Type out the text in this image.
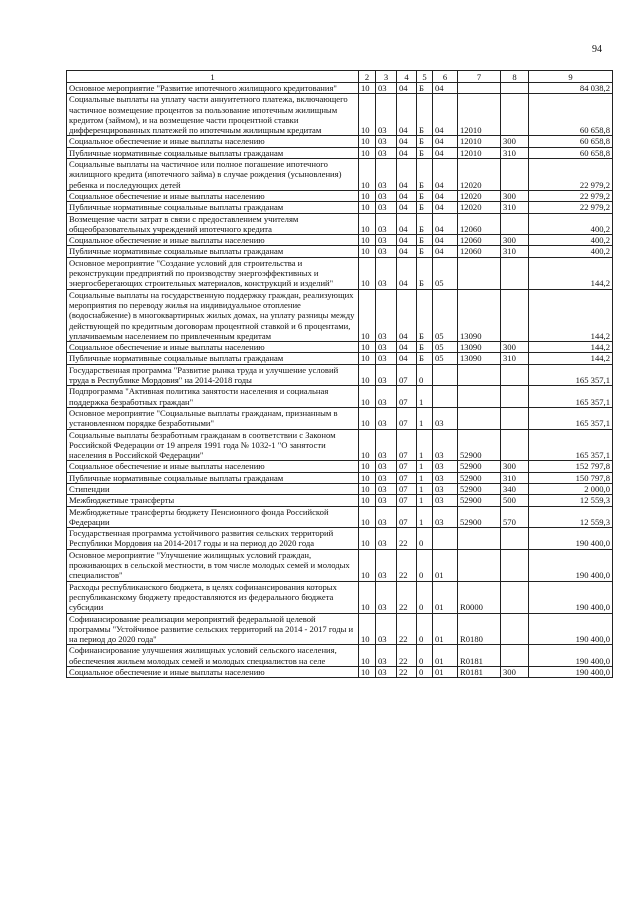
94
1	2	3	4	5	6	7	8	9
Основное мероприятие "Развитие ипотечного жилищного кредитования"	10	03	04	Б	04			84 038,2
Социальные выплаты на уплату части аннуитетного платежа, включающего частичное возмещение процентов за пользование ипотечным жилищным кредитом (займом), и на возмещение части процентной ставки дифференцированных платежей по ипотечным жилищным кредитам	10	03	04	Б	04	12010		60 658,8
Социальное обеспечение и иные выплаты населению	10	03	04	Б	04	12010	300	60 658,8
Публичные нормативные социальные выплаты гражданам	10	03	04	Б	04	12010	310	60 658,8
Социальные выплаты на частичное или полное погашение ипотечного жилищного кредита (ипотечного займа) в случае рождения (усыновления) ребенка и последующих детей	10	03	04	Б	04	12020		22 979,2
Социальное обеспечение и иные выплаты населению	10	03	04	Б	04	12020	300	22 979,2
Публичные нормативные социальные выплаты гражданам	10	03	04	Б	04	12020	310	22 979,2
Возмещение части затрат в связи с предоставлением учителям общеобразовательных учреждений ипотечного кредита	10	03	04	Б	04	12060		400,2
Социальное обеспечение и иные выплаты населению	10	03	04	Б	04	12060	300	400,2
Публичные нормативные социальные выплаты гражданам	10	03	04	Б	04	12060	310	400,2
Основное мероприятие "Создание условий для строительства и реконструкции предприятий по производству энергоэффективных и энергосберегающих строительных материалов, конструкций и изделий"	10	03	04	Б	05			144,2
Социальные выплаты на государственную поддержку граждан, реализующих мероприятия по переводу жилья на индивидуальное отопление (водоснабжение) в многоквартирных жилых домах, на уплату разницы между действующей по кредитным договорам процентной ставкой и 6 процентами, уплачиваемым населением по привлеченным кредитам	10	03	04	Б	05	13090		144,2
Социальное обеспечение и иные выплаты населению	10	03	04	Б	05	13090	300	144,2
Публичные нормативные социальные выплаты гражданам	10	03	04	Б	05	13090	310	144,2
Государственная программа "Развитие рынка труда и улучшение условий труда в Республике Мордовия" на 2014-2018 годы	10	03	07	0				165 357,1
Подпрограмма "Активная политика занятости населения и социальная поддержка безработных граждан"	10	03	07	1				165 357,1
Основное мероприятие "Социальные выплаты гражданам, признанным в установленном порядке безработными"	10	03	07	1	03			165 357,1
Социальные выплаты безработным гражданам в соответствии с Законом Российской Федерации от 19 апреля 1991 года № 1032-1 "О занятости населения в Российской Федерации"	10	03	07	1	03	52900		165 357,1
Социальное обеспечение и иные выплаты населению	10	03	07	1	03	52900	300	152 797,8
Публичные нормативные социальные выплаты гражданам	10	03	07	1	03	52900	310	150 797,8
Стипендии	10	03	07	1	03	52900	340	2 000,0
Межбюджетные трансферты	10	03	07	1	03	52900	500	12 559,3
Межбюджетные трансферты бюджету Пенсионного фонда Российской Федерации	10	03	07	1	03	52900	570	12 559,3
Государственная программа устойчивого развития сельских территорий Республики Мордовия на 2014-2017 годы и на период до 2020 года	10	03	22	0				190 400,0
Основное мероприятие "Улучшение жилищных условий граждан, проживающих в сельской местности, в том числе молодых семей и молодых специалистов"	10	03	22	0	01			190 400,0
Расходы республиканского бюджета, в целях софинансирования которых республиканскому бюджету предоставляются из федерального бюджета субсидии	10	03	22	0	01	R0000		190 400,0
Софинансирование реализации мероприятий федеральной целевой программы "Устойчивое развитие сельских территорий на 2014 - 2017 годы и на период до 2020 года"	10	03	22	0	01	R0180		190 400,0
Софинансирование улучшения жилищных условий сельского населения, обеспечения жильем молодых семей и молодых специалистов на селе	10	03	22	0	01	R0181		190 400,0
Социальное обеспечение и иные выплаты населению	10	03	22	0	01	R0181	300	190 400,0
